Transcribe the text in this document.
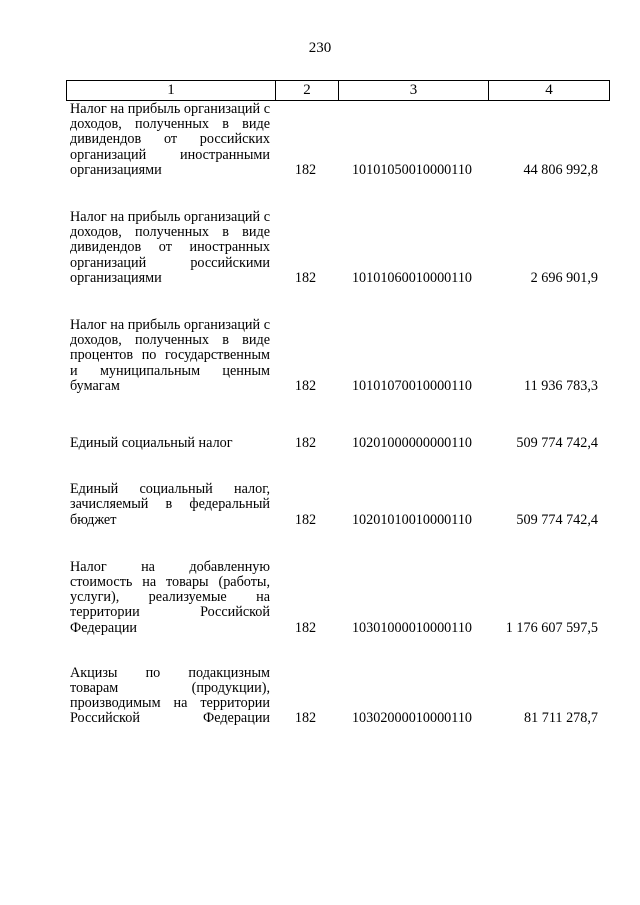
230
1	2	3	4
Налог на прибыль организаций с доходов, полученных в виде дивидендов от российских организаций иностранными организациями	182	10101050010000110	44 806 992,8
Налог на прибыль организаций с доходов, полученных в виде дивидендов от иностранных организаций российскими организациями	182	10101060010000110	2 696 901,9
Налог на прибыль организаций с доходов, полученных в виде процентов по государственным и муниципальным ценным бумагам	182	10101070010000110	11 936 783,3
Единый социальный налог	182	10201000000000110	509 774 742,4
Единый социальный налог, зачисляемый в федеральный бюджет	182	10201010010000110	509 774 742,4
Налог на добавленную стоимость на товары (работы, услуги), реализуемые на территории Российской Федерации	182	10301000010000110	1 176 607 597,5
Акцизы по подакцизным товарам (продукции), производимым на территории Российской Федерации	182	10302000010000110	81 711 278,7
